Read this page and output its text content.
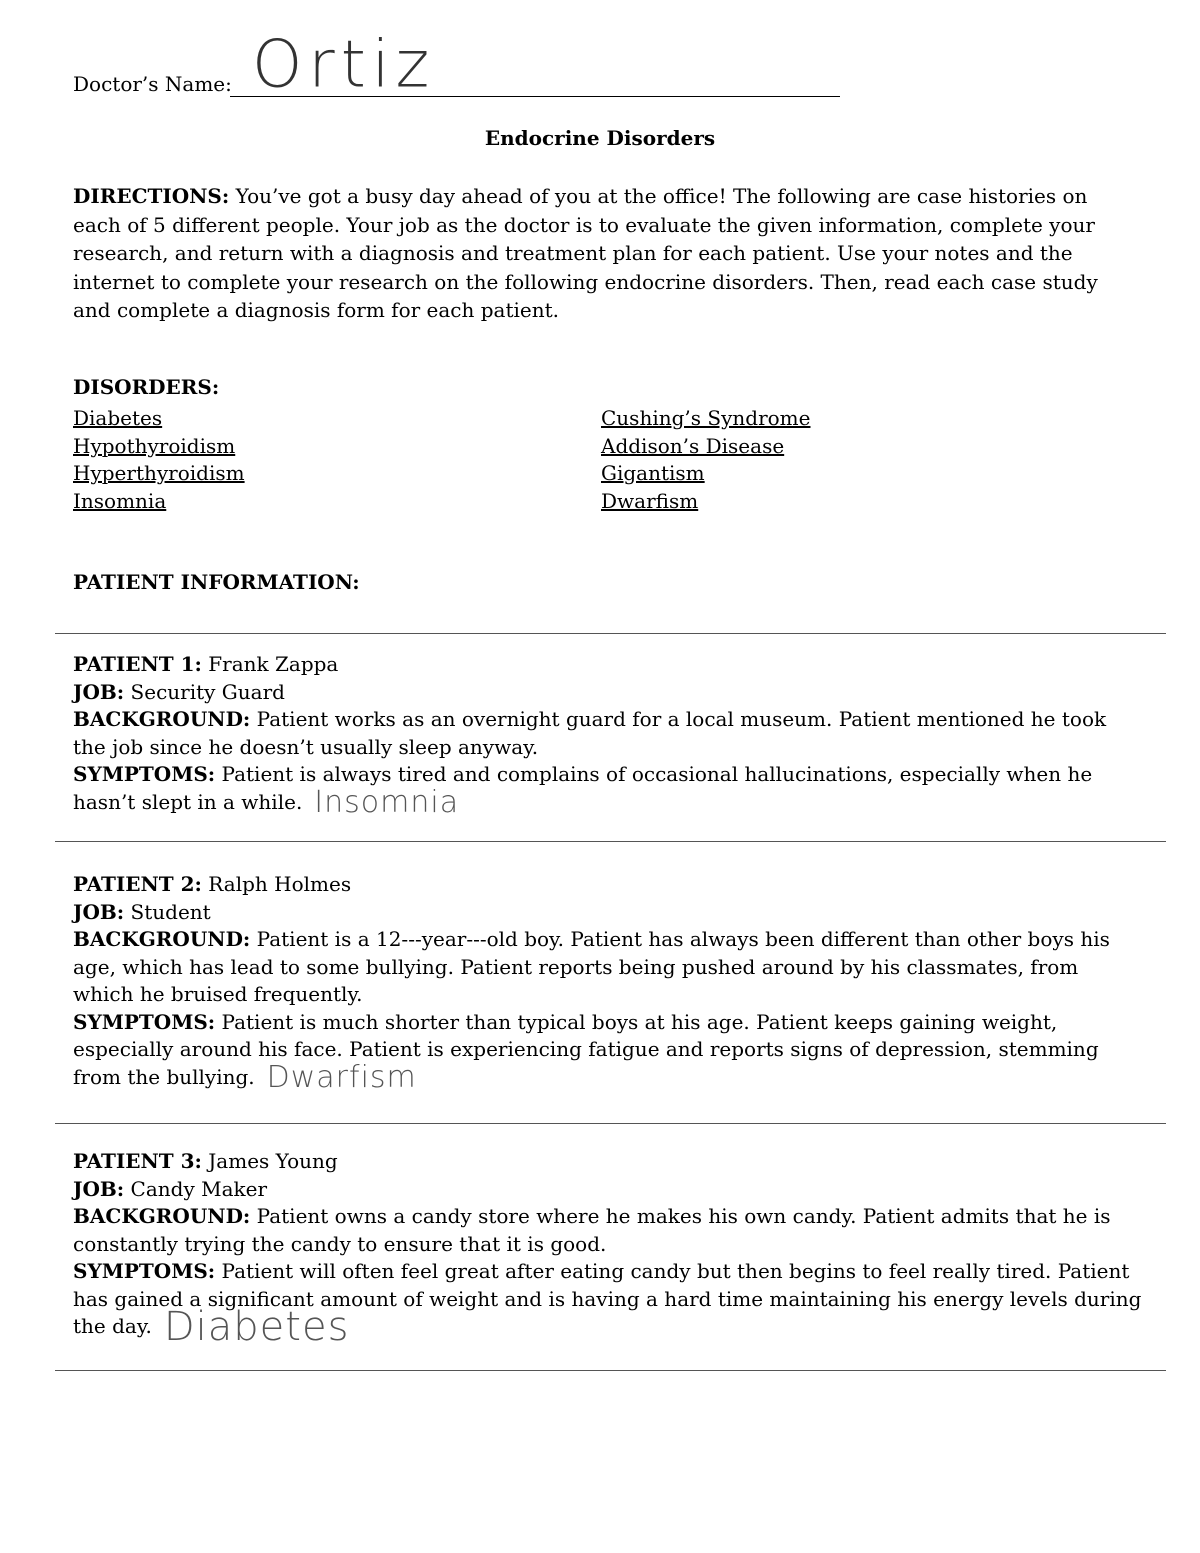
Doctor’s Name: Ortiz
Endocrine Disorders
DIRECTIONS: You’ve got a busy day ahead of you at the office! The following are case histories on each of 5 different people. Your job as the doctor is to evaluate the given information, complete your research, and return with a diagnosis and treatment plan for each patient. Use your notes and the internet to complete your research on the following endocrine disorders. Then, read each case study and complete a diagnosis form for each patient.
DISORDERS:
Diabetes
Hypothyroidism
Hyperthyroidism
Insomnia
Cushing’s Syndrome
Addison’s Disease
Gigantism
Dwarfism
PATIENT INFORMATION:

PATIENT 1: Frank Zappa

JOB: Security Guard

BACKGROUND: Patient works as an overnight guard for a local museum. Patient mentioned he took the job since he doesn’t usually sleep anyway.

SYMPTOMS: Patient is always tired and complains of occasional hallucinations, especially when he hasn’t slept in a while. Insomnia

PATIENT 2: Ralph Holmes

JOB: Student

BACKGROUND: Patient is a 12---year---old boy. Patient has always been different than other boys his age, which has lead to some bullying. Patient reports being pushed around by his classmates, from which he bruised frequently.

SYMPTOMS: Patient is much shorter than typical boys at his age. Patient keeps gaining weight, especially around his face. Patient is experiencing fatigue and reports signs of depression, stemming from the bullying. Dwarfism

PATIENT 3: James Young

JOB: Candy Maker

BACKGROUND: Patient owns a candy store where he makes his own candy. Patient admits that he is constantly trying the candy to ensure that it is good.

SYMPTOMS: Patient will often feel great after eating candy but then begins to feel really tired. Patient has gained a significant amount of weight and is having a hard time maintaining his energy levels during the day. Diabetes
